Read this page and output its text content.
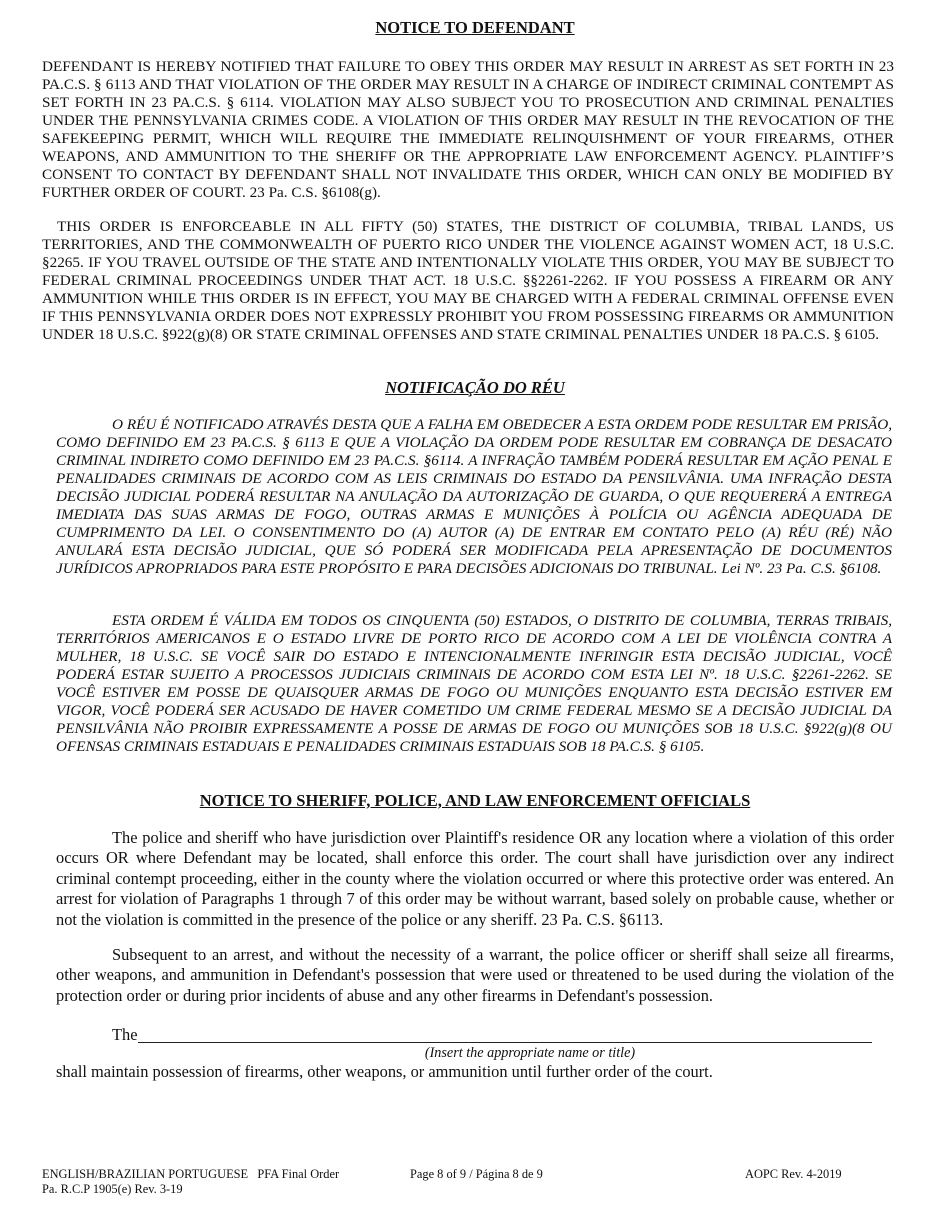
NOTICE TO DEFENDANT
DEFENDANT IS HEREBY NOTIFIED THAT FAILURE TO OBEY THIS ORDER MAY RESULT IN ARREST AS SET FORTH IN 23 PA.C.S. § 6113 AND THAT VIOLATION OF THE ORDER MAY RESULT IN A CHARGE OF INDIRECT CRIMINAL CONTEMPT AS SET FORTH IN 23 PA.C.S. § 6114. VIOLATION MAY ALSO SUBJECT YOU TO PROSECUTION AND CRIMINAL PENALTIES UNDER THE PENNSYLVANIA CRIMES CODE. A VIOLATION OF THIS ORDER MAY RESULT IN THE REVOCATION OF THE SAFEKEEPING PERMIT, WHICH WILL REQUIRE THE IMMEDIATE RELINQUISHMENT OF YOUR FIREARMS, OTHER WEAPONS, AND AMMUNITION TO THE SHERIFF OR THE APPROPRIATE LAW ENFORCEMENT AGENCY. PLAINTIFF’S CONSENT TO CONTACT BY DEFENDANT SHALL NOT INVALIDATE THIS ORDER, WHICH CAN ONLY BE MODIFIED BY FURTHER ORDER OF COURT. 23 Pa. C.S. §6108(g).
THIS ORDER IS ENFORCEABLE IN ALL FIFTY (50) STATES, THE DISTRICT OF COLUMBIA, TRIBAL LANDS, US TERRITORIES, AND THE COMMONWEALTH OF PUERTO RICO UNDER THE VIOLENCE AGAINST WOMEN ACT, 18 U.S.C. §2265. IF YOU TRAVEL OUTSIDE OF THE STATE AND INTENTIONALLY VIOLATE THIS ORDER, YOU MAY BE SUBJECT TO FEDERAL CRIMINAL PROCEEDINGS UNDER THAT ACT. 18 U.S.C. §§2261-2262. IF YOU POSSESS A FIREARM OR ANY AMMUNITION WHILE THIS ORDER IS IN EFFECT, YOU MAY BE CHARGED WITH A FEDERAL CRIMINAL OFFENSE EVEN IF THIS PENNSYLVANIA ORDER DOES NOT EXPRESSLY PROHIBIT YOU FROM POSSESSING FIREARMS OR AMMUNITION UNDER 18 U.S.C. §922(g)(8) OR STATE CRIMINAL OFFENSES AND STATE CRIMINAL PENALTIES UNDER 18 PA.C.S. § 6105.
NOTIFICAÇÃO DO RÉU
O RÉU É NOTIFICADO ATRAVÉS DESTA QUE A FALHA EM OBEDECER A ESTA ORDEM PODE RESULTAR EM PRISÃO, COMO DEFINIDO EM 23 PA.C.S. § 6113 E QUE A VIOLAÇÃO DA ORDEM PODE RESULTAR EM COBRANÇA DE DESACATO CRIMINAL INDIRETO COMO DEFINIDO EM 23 PA.C.S. §6114. A INFRAÇÃO TAMBÉM PODERÁ RESULTAR EM AÇÃO PENAL E PENALIDADES CRIMINAIS DE ACORDO COM AS LEIS CRIMINAIS DO ESTADO DA PENSILVÂNIA. UMA INFRAÇÃO DESTA DECISÃO JUDICIAL PODERÁ RESULTAR NA ANULAÇÃO DA AUTORIZAÇÃO DE GUARDA, O QUE REQUERERÁ A ENTREGA IMEDIATA DAS SUAS ARMAS DE FOGO, OUTRAS ARMAS E MUNIÇÕES À POLÍCIA OU AGÊNCIA ADEQUADA DE CUMPRIMENTO DA LEI. O CONSENTIMENTO DO (A) AUTOR (A) DE ENTRAR EM CONTATO PELO (A) RÉU (RÉ) NÃO ANULARÁ ESTA DECISÃO JUDICIAL, QUE SÓ PODERÁ SER MODIFICADA PELA APRESENTAÇÃO DE DOCUMENTOS JURÍDICOS APROPRIADOS PARA ESTE PROPÓSITO E PARA DECISÕES ADICIONAIS DO TRIBUNAL. Lei Nº. 23 Pa. C.S. §6108.
ESTA ORDEM É VÁLIDA EM TODOS OS CINQUENTA (50) ESTADOS, O DISTRITO DE COLUMBIA, TERRAS TRIBAIS, TERRITÓRIOS AMERICANOS E O ESTADO LIVRE DE PORTO RICO DE ACORDO COM A LEI DE VIOLÊNCIA CONTRA A MULHER, 18 U.S.C. SE VOCÊ SAIR DO ESTADO E INTENCIONALMENTE INFRINGIR ESTA DECISÃO JUDICIAL, VOCÊ PODERÁ ESTAR SUJEITO A PROCESSOS JUDICIAIS CRIMINAIS DE ACORDO COM ESTA LEI Nº. 18 U.S.C. §2261-2262. SE VOCÊ ESTIVER EM POSSE DE QUAISQUER ARMAS DE FOGO OU MUNIÇÕES ENQUANTO ESTA DECISÃO ESTIVER EM VIGOR, VOCÊ PODERÁ SER ACUSADO DE HAVER COMETIDO UM CRIME FEDERAL MESMO SE A DECISÃO JUDICIAL DA PENSILVÂNIA NÃO PROIBIR EXPRESSAMENTE A POSSE DE ARMAS DE FOGO OU MUNIÇÕES SOB 18 U.S.C. §922(g)(8 OU OFENSAS CRIMINAIS ESTADUAIS E PENALIDADES CRIMINAIS ESTADUAIS SOB 18 PA.C.S. § 6105.
NOTICE TO SHERIFF, POLICE, AND LAW ENFORCEMENT OFFICIALS
The police and sheriff who have jurisdiction over Plaintiff's residence OR any location where a violation of this order occurs OR where Defendant may be located, shall enforce this order. The court shall have jurisdiction over any indirect criminal contempt proceeding, either in the county where the violation occurred or where this protective order was entered. An arrest for violation of Paragraphs 1 through 7 of this order may be without warrant, based solely on probable cause, whether or not the violation is committed in the presence of the police or any sheriff. 23 Pa. C.S. §6113.
Subsequent to an arrest, and without the necessity of a warrant, the police officer or sheriff shall seize all firearms, other weapons, and ammunition in Defendant's possession that were used or threatened to be used during the violation of the protection order or during prior incidents of abuse and any other firearms in Defendant's possession.
The
(Insert the appropriate name or title)
shall maintain possession of firearms, other weapons, or ammunition until further order of the court.
ENGLISH/BRAZILIAN PORTUGUESE   PFA Final Order
Pa. R.C.P 1905(e) Rev. 3-19
Page 8 of 9 / Página 8 de 9	AOPC Rev. 4-2019
